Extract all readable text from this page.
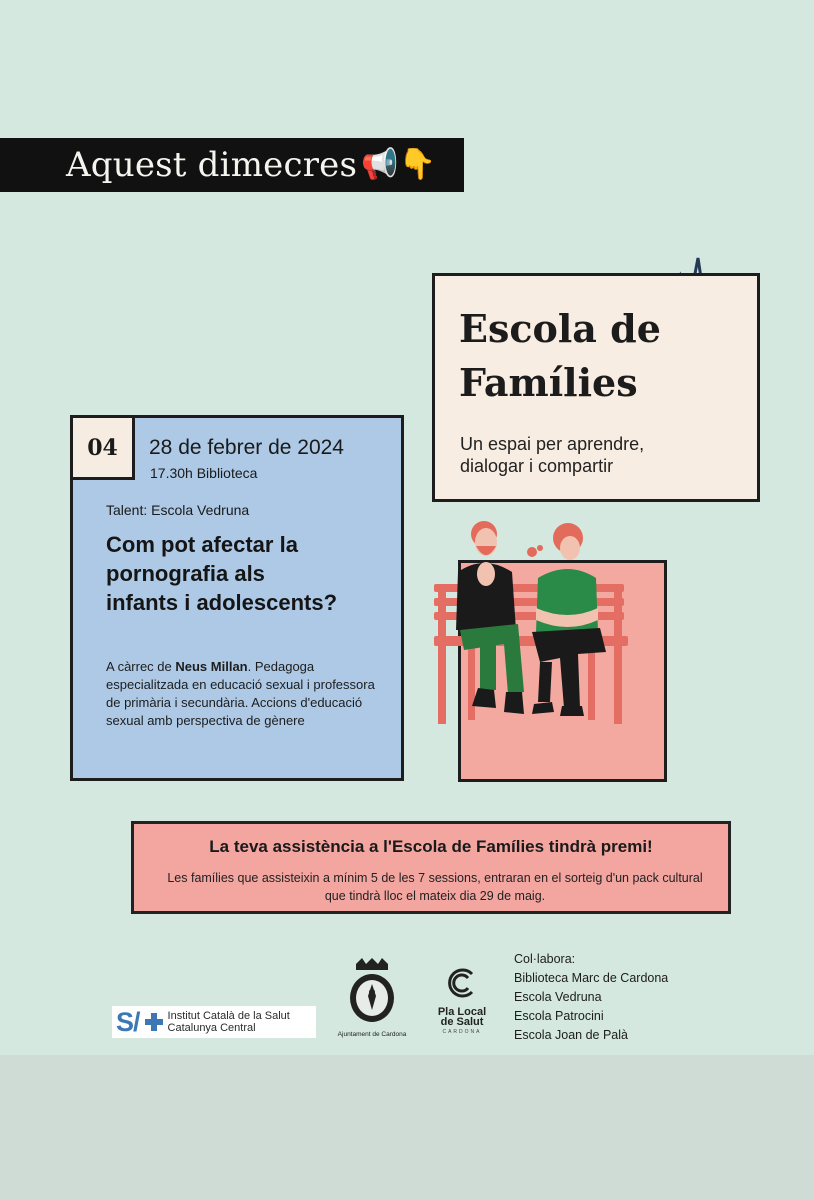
Aquest dimecres 📢👇
Escola de
Famílies
Un espai per aprendre,
dialogar i compartir
04 28 de febrer de 2024
17.30h Biblioteca
Talent: Escola Vedruna
Com pot afectar la
pornografia als
infants i adolescents?
A càrrec de Neus Millan. Pedagoga especialitzada en educació sexual i professora de primària i secundària. Accions d'educació sexual amb perspectiva de gènere
La teva assistència a l'Escola de Famílies tindrà premi!
Les famílies que assisteixin a mínim 5 de les 7 sessions, entraran en el sorteig d'un pack cultural que tindrà lloc el mateix dia 29 de maig.
S/	Institut Català de la Salut
Catalunya Central
Ajuntament de Cardona
Pla Local
de Salut
CARDONA
Col·labora:
Biblioteca Marc de Cardona
Escola Vedruna
Escola Patrocini
Escola Joan de Palà
